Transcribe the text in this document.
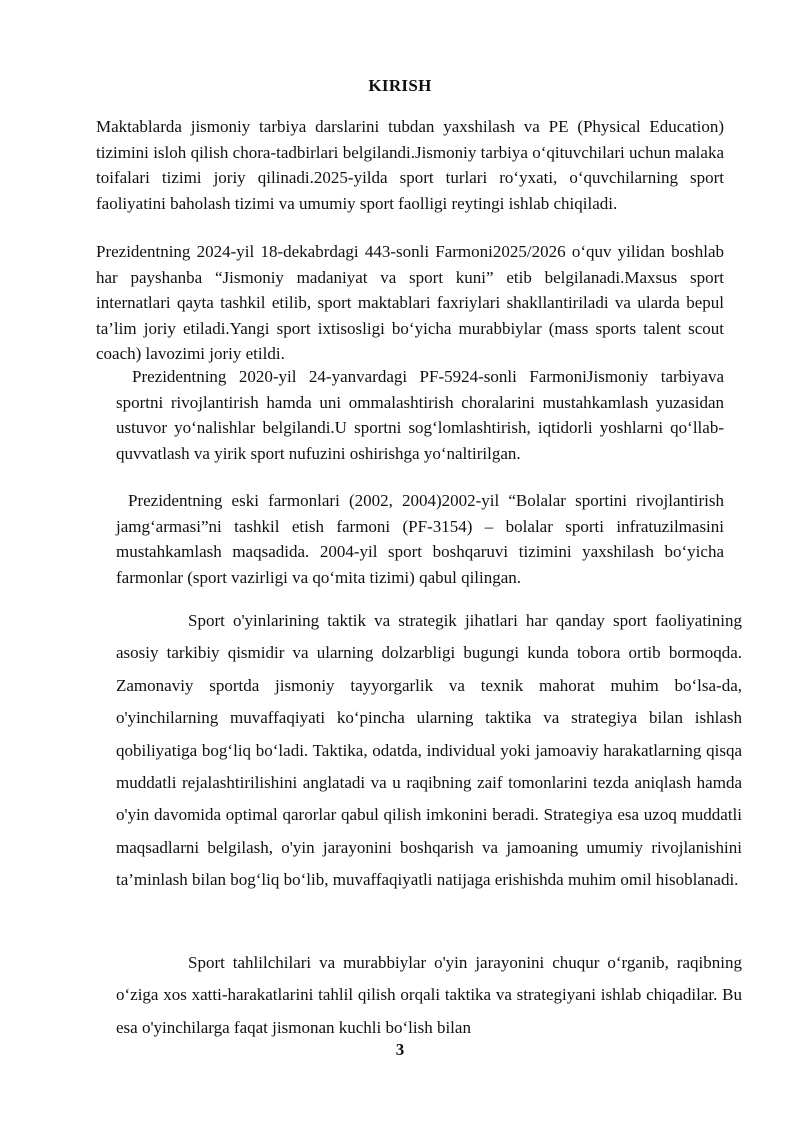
KIRISH

Maktablarda jismoniy tarbiya darslarini tubdan yaxshilash va PE (Physical Education) tizimini isloh qilish chora-tadbirlari belgilandi.Jismoniy tarbiya oʻqituvchilari uchun malaka toifalari tizimi joriy qilinadi.2025-yilda sport turlari roʻyxati, oʻquvchilarning sport faoliyatini baholash tizimi va umumiy sport faolligi reytingi ishlab chiqiladi.

Prezidentning 2024-yil 18-dekabrdagi 443-sonli Farmoni2025/2026 oʻquv yilidan boshlab har payshanba “Jismoniy madaniyat va sport kuni” etib belgilanadi.Maxsus sport internatlari qayta tashkil etilib, sport maktablari faxriylari shakllantiriladi va ularda bepul ta’lim joriy etiladi.Yangi sport ixtisosligi boʻyicha murabbiylar (mass sports talent scout coach) lavozimi joriy etildi.

Prezidentning 2020-yil 24-yanvardagi PF-5924-sonli FarmoniJismoniy tarbiyava sportni rivojlantirish hamda uni ommalashtirish choralarini mustahkamlash yuzasidan ustuvor yoʻnalishlar belgilandi.U sportni sogʻlomlashtirish, iqtidorli yoshlarni qoʻllab-quvvatlash va yirik sport nufuzini oshirishga yoʻnaltirilgan.

Prezidentning eski farmonlari (2002, 2004)2002-yil “Bolalar sportini rivojlantirish jamgʻarmasi”ni tashkil etish farmoni (PF-3154) – bolalar sporti infratuzilmasini mustahkamlash maqsadida. 2004-yil sport boshqaruvi tizimini yaxshilash boʻyicha farmonlar (sport vazirligi va qoʻmita tizimi) qabul qilingan.

Sport o'yinlarining taktik va strategik jihatlari har qanday sport faoliyatining asosiy tarkibiy qismidir va ularning dolzarbligi bugungi kunda tobora ortib bormoqda. Zamonaviy sportda jismoniy tayyorgarlik va texnik mahorat muhim boʻlsa-da, o'yinchilarning muvaffaqiyati koʻpincha ularning taktika va strategiya bilan ishlash qobiliyatiga bogʻliq boʻladi. Taktika, odatda, individual yoki jamoaviy harakatlarning qisqa muddatli rejalashtirilishini anglatadi va u raqibning zaif tomonlarini tezda aniqlash hamda o'yin davomida optimal qarorlar qabul qilish imkonini beradi. Strategiya esa uzoq muddatli maqsadlarni belgilash, o'yin jarayonini boshqarish va jamoaning umumiy rivojlanishini ta’minlash bilan bogʻliq boʻlib, muvaffaqiyatli natijaga erishishda muhim omil hisoblanadi.

Sport tahlilchilari va murabbiylar o'yin jarayonini chuqur oʻrganib, raqibning oʻziga xos xatti-harakatlarini tahlil qilish orqali taktika va strategiyani ishlab chiqadilar. Bu esa o'yinchilarga faqat jismonan kuchli boʻlish bilan

3
